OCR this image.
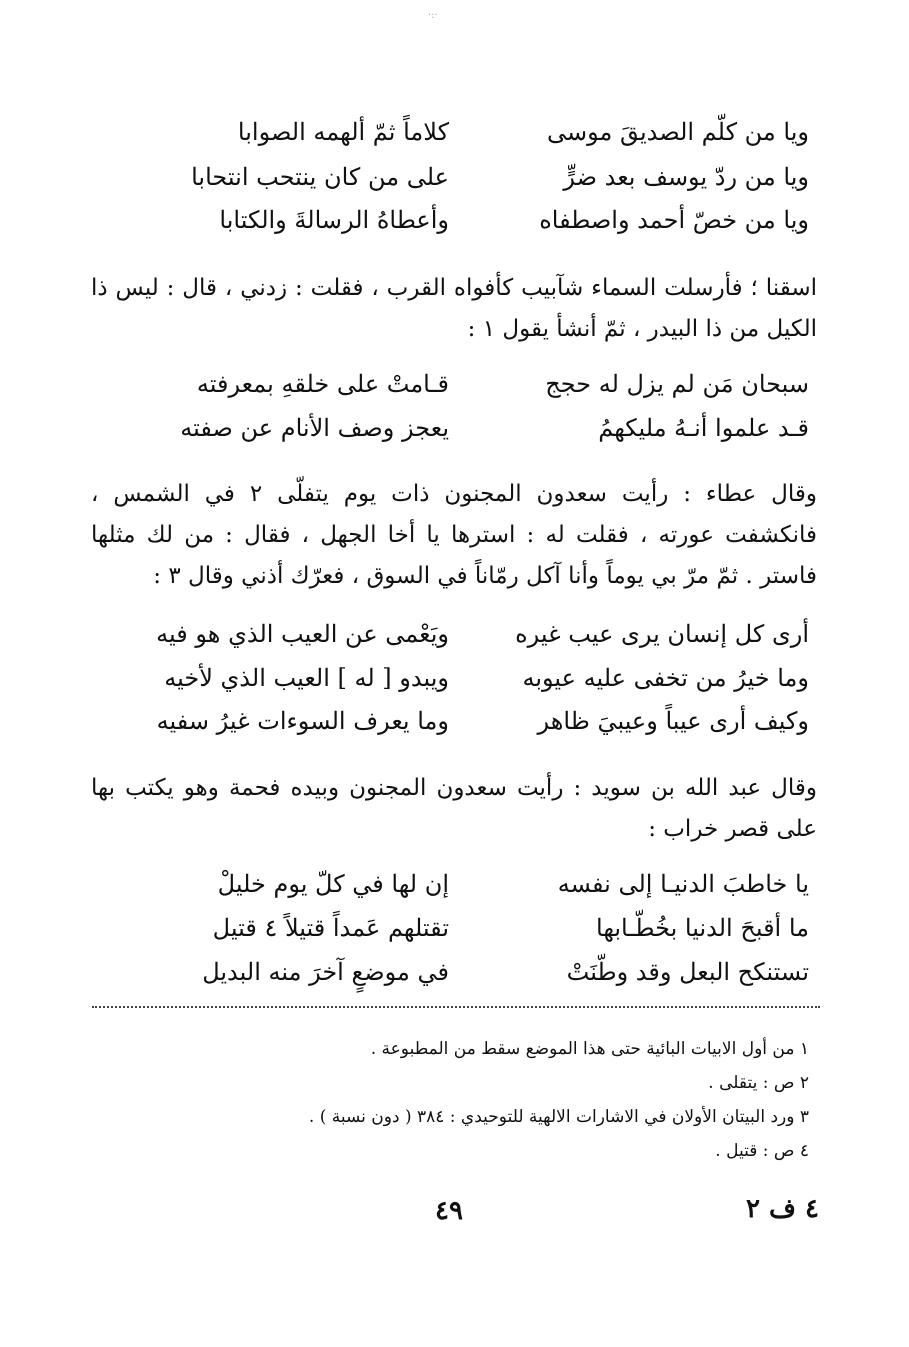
·:·
ويا من كلّم الصديقَ موسى
كلاماً ثمّ ألهمه الصوابا
ويا من ردّ يوسف بعد ضرٍّ
على من كان ينتحب انتحابا
ويا من خصّ أحمد واصطفاه
وأعطاهُ الرسالةَ والكتابا
اسقنا ؛ فأرسلت السماء شآبيب كأفواه القرب ، فقلت : زدني ، قال : ليس ذا الكيل من ذا البيدر ، ثمّ أنشأ يقول ١ :
سبحان مَن لم يزل له حجج
قـامتْ على خلقهِ بمعرفته
قـد علموا أنـهُ مليكهمُ
يعجز وصف الأنام عن صفته
وقال عطاء : رأيت سعدون المجنون ذات يوم يتفلّى ٢ في الشمس ، فانكشفت عورته ، فقلت له : استرها يا أخا الجهل ، فقال : من لك مثلها فاستر . ثمّ مرّ بي يوماً وأنا آكل رمّاناً في السوق ، فعرّك أذني وقال ٣ :
أرى كل إنسان يرى عيب غيره
ويَعْمى عن العيب الذي هو فيه
وما خيرُ من تخفى عليه عيوبه
ويبدو [ له ] العيب الذي لأخيه
وكيف أرى عيباً وعيبيَ ظاهر
وما يعرف السوءات غيرُ سفيه
وقال عبد الله بن سويد : رأيت سعدون المجنون وبيده فحمة وهو يكتب بها على قصر خراب :
يا خاطبَ الدنيـا إلى نفسه
إن لها في كلّ يوم خليلْ
ما أقبحَ الدنيا بخُطّـابها
تقتلهم عَمداً قتيلاً ٤ قتيل
تستنكح البعل وقد وطّنَتْ
في موضعٍ آخرَ منه البديل
١ من أول الابيات البائية حتى هذا الموضع سقط من المطبوعة .
٢ ص : يتقلى .
٣ ورد البيتان الأولان في الاشارات الالهية للتوحيدي : ٣٨٤ ( دون نسبة ) .
٤ ص : قتيل .
٤ ف ٢
٤٩
